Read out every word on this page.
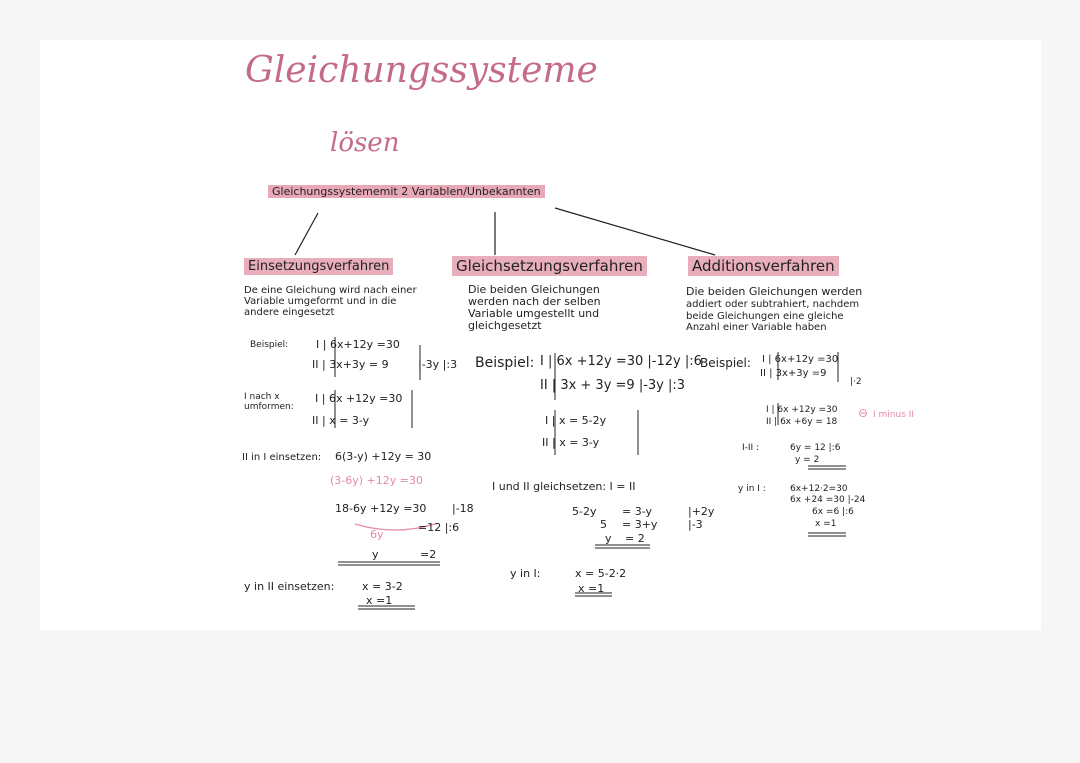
Gleichungssysteme
lösen
Gleichungssystememit 2 Variablen/Unbekannten
Einsetzungsverfahren
De eine Gleichung wird nach einer
Variable umgeformt und in die
andere eingesetzt
Beispiel:	I | 6x+12y =30
II | 3x+3y = 9	|-3y |:3
I nach x
umformen:
I | 6x +12y =30
II | x = 3-y
II in I einsetzen: 6(3-y) +12y = 30
(3-6y) +12y =30
18-6y +12y =30 |-18
=12 |:6
6y
y	=2
y in II einsetzen:	x = 3-2
x =1
Gleichsetzungsverfahren
Die beiden Gleichungen
werden nach der selben
Variable umgestellt und
gleichgesetzt
Beispiel: I | 6x +12y =30 |-12y |:6
II | 3x + 3y =9 |-3y |:3
I | x = 5-2y
II | x = 3-y
I und II gleichsetzen: I = II
5-2y = 3-y	|+2y
5 = 3+y	|-3
y = 2
y in I:	x = 5-2·2
x =1
Additionsverfahren
Die beiden Gleichungen werden
addiert oder subtrahiert, nachdem
beide Gleichungen eine gleiche
Anzahl einer Variable haben
Beispiel: I | 6x+12y =30
II | 3x+3y =9
|·2
I | 6x +12y =30
II | 6x +6y = 18
⊖ I minus II
I-II :	6y = 12 |:6
y = 2
y in I :	6x+12·2=30
6x +24 =30 |-24
6x =6 |:6
x =1
